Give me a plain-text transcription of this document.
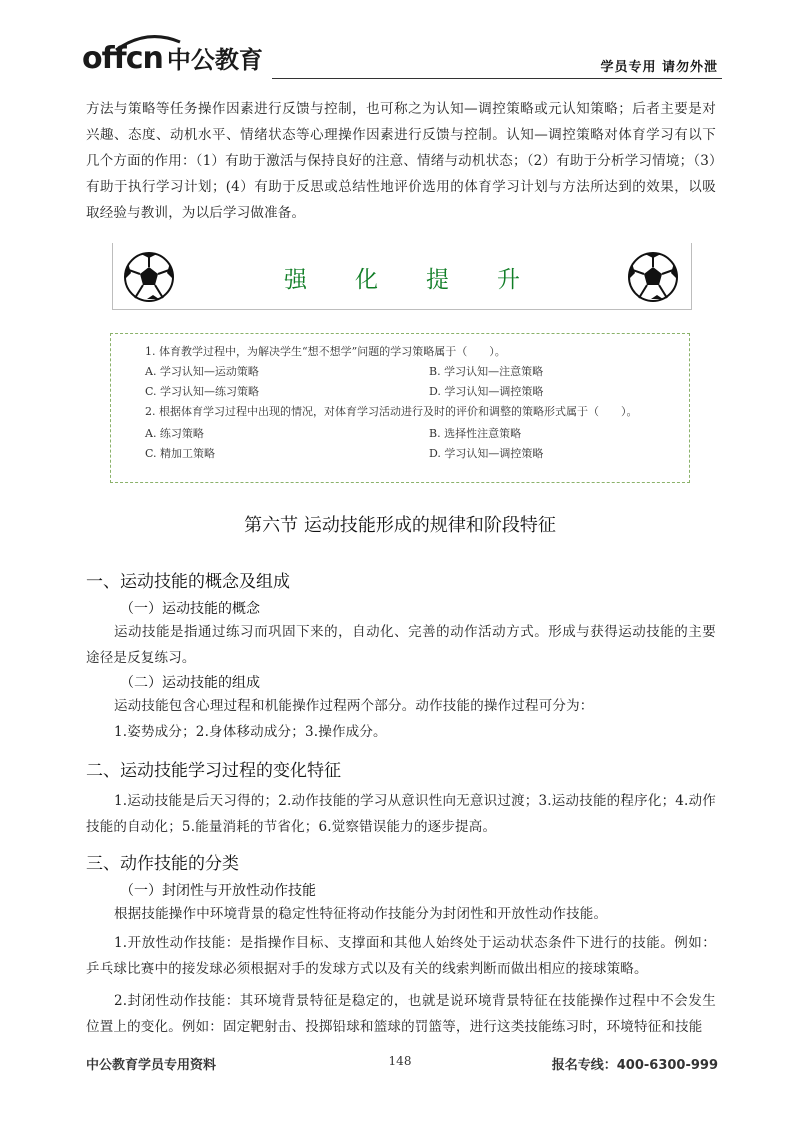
offcn 中公教育	学员专用 请勿外泄
方法与策略等任务操作因素进行反馈与控制，也可称之为认知—调控策略或元认知策略；后者主要是对兴趣、态度、动机水平、情绪状态等心理操作因素进行反馈与控制。认知—调控策略对体育学习有以下几个方面的作用：（1）有助于激活与保持良好的注意、情绪与动机状态；（2）有助于分析学习情境；（3）有助于执行学习计划；(4）有助于反思或总结性地评价选用的体育学习计划与方法所达到的效果，以吸取经验与教训，为以后学习做准备。
强化提升
1. 体育教学过程中，为解决学生“想不想学”问题的学习策略属于（　　）。
A. 学习认知—运动策略	B. 学习认知—注意策略
C. 学习认知—练习策略	D. 学习认知—调控策略
2. 根据体育学习过程中出现的情况，对体育学习活动进行及时的评价和调整的策略形式属于（　　）。
A. 练习策略	B. 选择性注意策略
C. 精加工策略	D. 学习认知—调控策略
第六节 运动技能形成的规律和阶段特征
一、运动技能的概念及组成
（一）运动技能的概念
运动技能是指通过练习而巩固下来的，自动化、完善的动作活动方式。形成与获得运动技能的主要途径是反复练习。
（二）运动技能的组成
运动技能包含心理过程和机能操作过程两个部分。动作技能的操作过程可分为：
1.姿势成分；2.身体移动成分；3.操作成分。
二、运动技能学习过程的变化特征
1.运动技能是后天习得的；2.动作技能的学习从意识性向无意识过渡；3.运动技能的程序化；4.动作技能的自动化；5.能量消耗的节省化；6.觉察错误能力的逐步提高。
三、动作技能的分类
（一）封闭性与开放性动作技能
根据技能操作中环境背景的稳定性特征将动作技能分为封闭性和开放性动作技能。
1.开放性动作技能：是指操作目标、支撑面和其他人始终处于运动状态条件下进行的技能。例如：乒乓球比赛中的接发球必须根据对手的发球方式以及有关的线索判断而做出相应的接球策略。
2.封闭性动作技能：其环境背景特征是稳定的，也就是说环境背景特征在技能操作过程中不会发生位置上的变化。例如：固定靶射击、投掷铅球和篮球的罚篮等，进行这类技能练习时，环境特征和技能
中公教育学员专用资料	148	报名专线：400-6300-999
